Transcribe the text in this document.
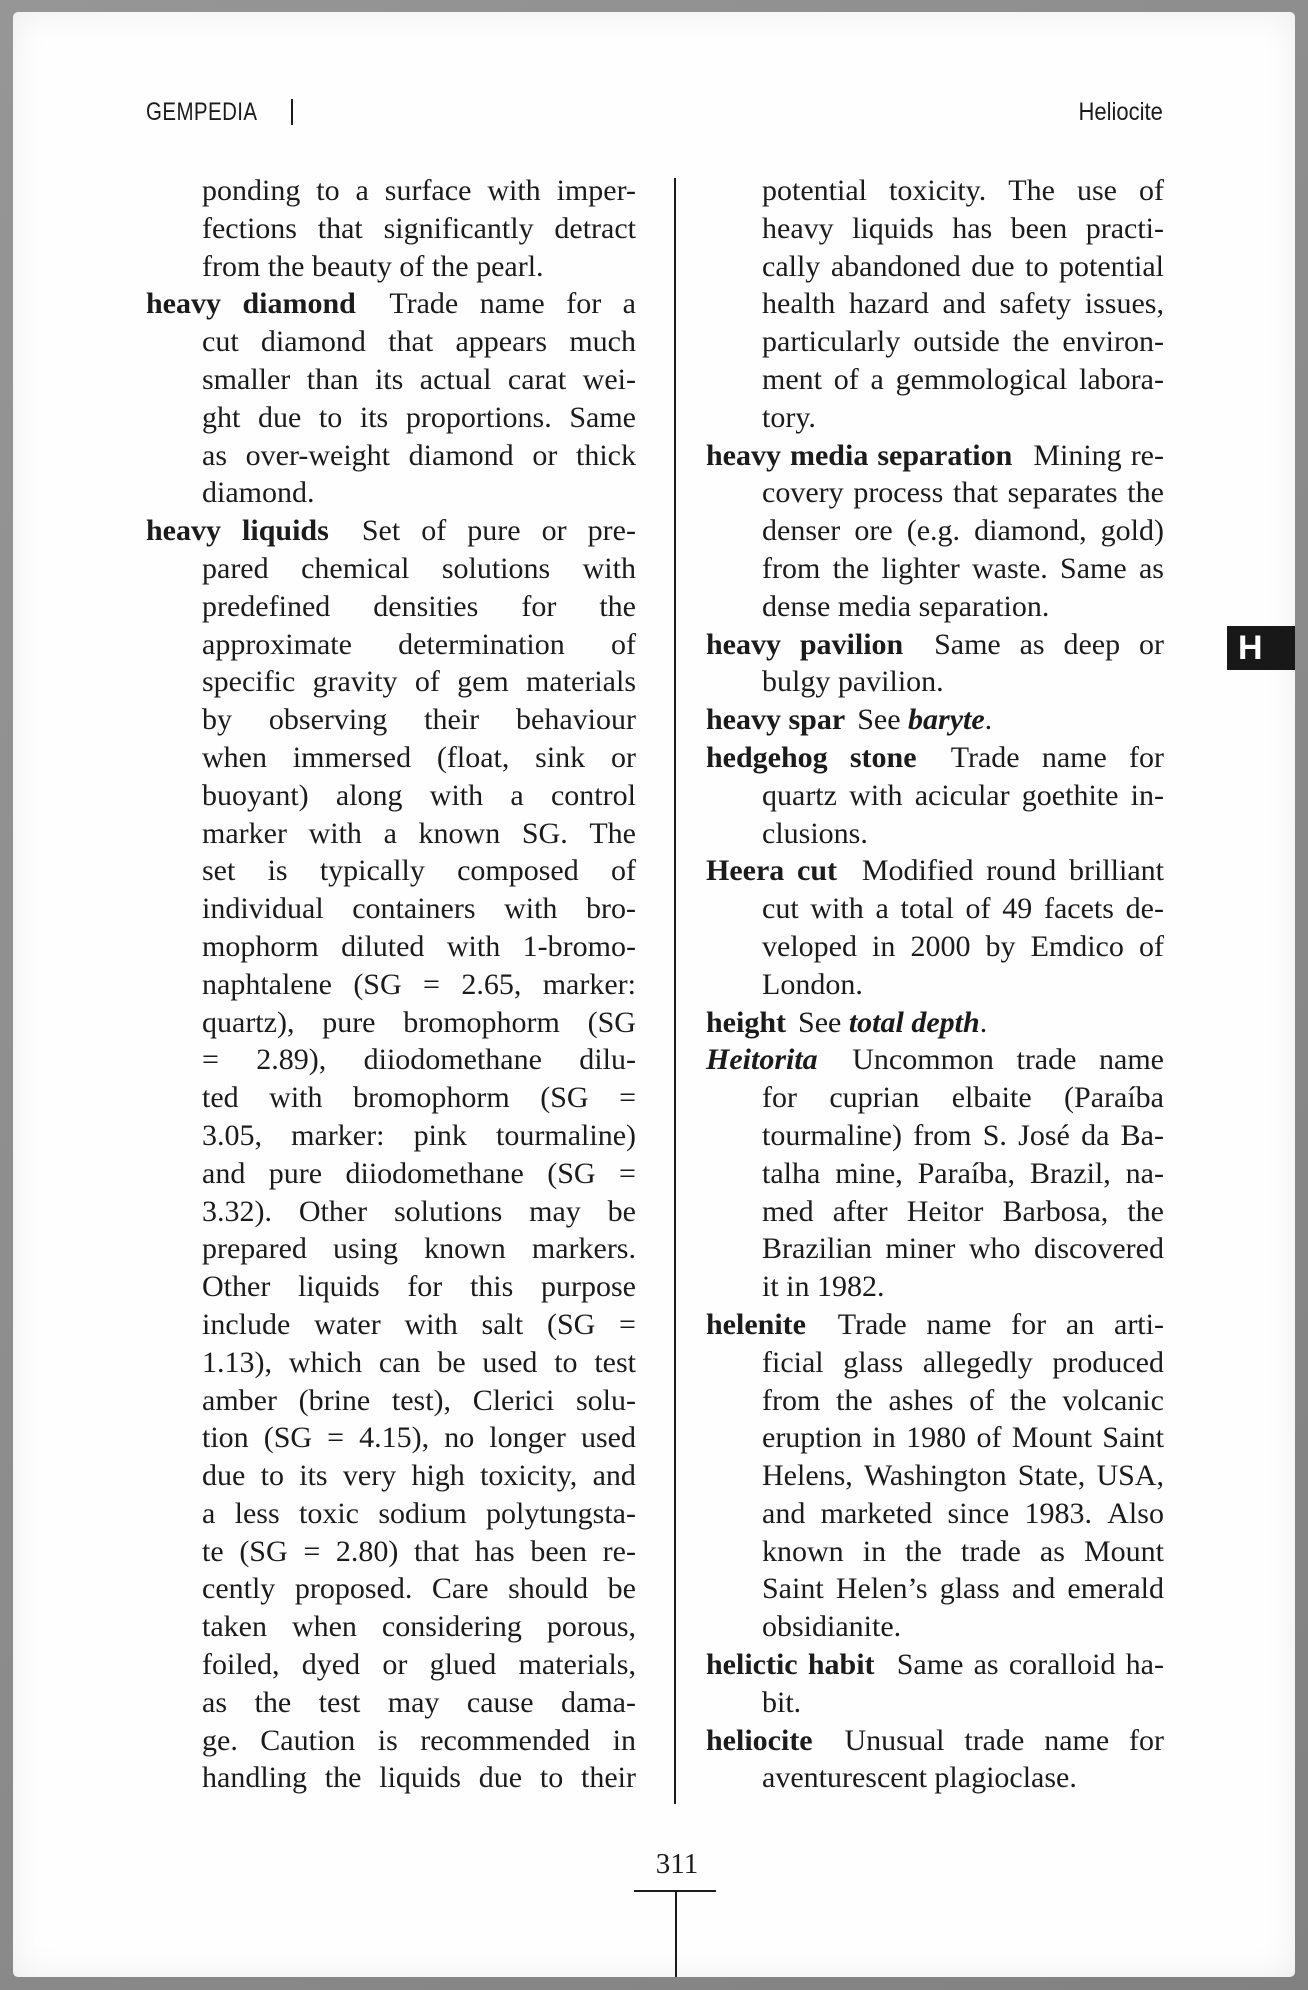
GEMPEDIA	Heliocite
ponding to a surface with imper-
fections that significantly detract
from the beauty of the pearl.
heavy diamond Trade name for a
cut diamond that appears much
smaller than its actual carat wei-
ght due to its proportions. Same
as over-weight diamond or thick
diamond.
heavy liquids Set of pure or pre-
pared chemical solutions with
predefined densities for the
approximate determination of
specific gravity of gem materials
by observing their behaviour
when immersed (float, sink or
buoyant) along with a control
marker with a known SG. The
set is typically composed of
individual containers with bro-
mophorm diluted with 1-bromo-
naphtalene (SG = 2.65, marker:
quartz), pure bromophorm (SG
= 2.89), diiodomethane dilu-
ted with bromophorm (SG =
3.05, marker: pink tourmaline)
and pure diiodomethane (SG =
3.32). Other solutions may be
prepared using known markers.
Other liquids for this purpose
include water with salt (SG =
1.13), which can be used to test
amber (brine test), Clerici solu-
tion (SG = 4.15), no longer used
due to its very high toxicity, and
a less toxic sodium polytungsta-
te (SG = 2.80) that has been re-
cently proposed. Care should be
taken when considering porous,
foiled, dyed or glued materials,
as the test may cause dama-
ge. Caution is recommended in
handling the liquids due to their
potential toxicity. The use of
heavy liquids has been practi-
cally abandoned due to potential
health hazard and safety issues,
particularly outside the environ-
ment of a gemmological labora-
tory.
heavy media separation Mining re-
covery process that separates the
denser ore (e.g. diamond, gold)
from the lighter waste. Same as
dense media separation.
heavy pavilion Same as deep or
bulgy pavilion.
heavy spar See baryte.
hedgehog stone Trade name for
quartz with acicular goethite in-
clusions.
Heera cut Modified round brilliant
cut with a total of 49 facets de-
veloped in 2000 by Emdico of
London.
height See total depth.
Heitorita Uncommon trade name
for cuprian elbaite (Paraíba
tourmaline) from S. José da Ba-
talha mine, Paraíba, Brazil, na-
med after Heitor Barbosa, the
Brazilian miner who discovered
it in 1982.
helenite Trade name for an arti-
ficial glass allegedly produced
from the ashes of the volcanic
eruption in 1980 of Mount Saint
Helens, Washington State, USA,
and marketed since 1983. Also
known in the trade as Mount
Saint Helen’s glass and emerald
obsidianite.
helictic habit Same as coralloid ha-
bit.
heliocite Unusual trade name for
aventurescent plagioclase.
H
311
